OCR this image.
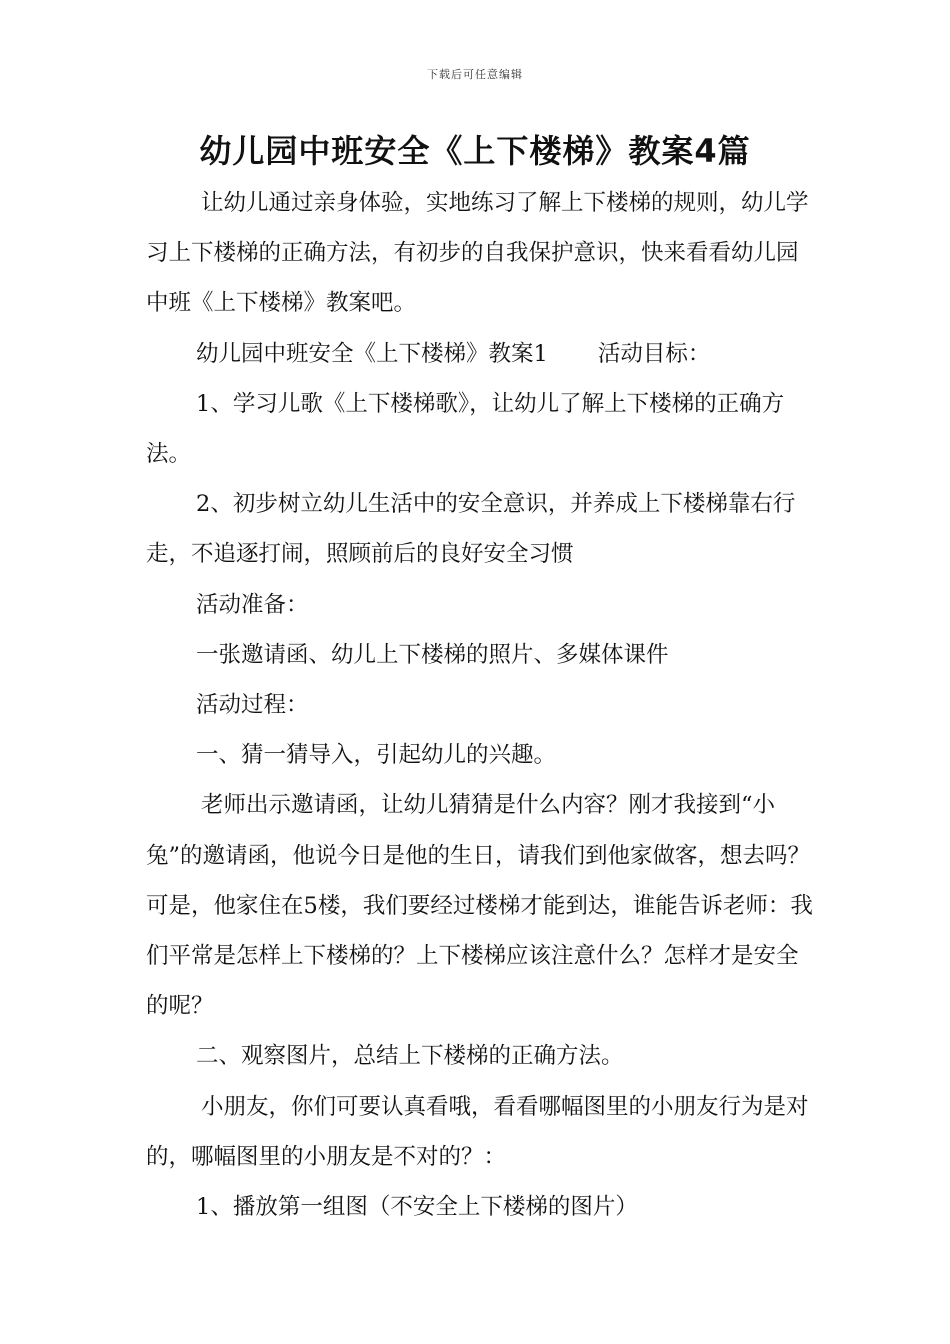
下载后可任意编辑
幼儿园中班安全《上下楼梯》教案4篇

让幼儿通过亲身体验，实地练习了解上下楼梯的规则，幼儿学习上下楼梯的正确方法，有初步的自我保护意识，快来看看幼儿园中班《上下楼梯》教案吧。

幼儿园中班安全《上下楼梯》教案1 活动目标：

1、学习儿歌《上下楼梯歌》，让幼儿了解上下楼梯的正确方法。

2、初步树立幼儿生活中的安全意识，并养成上下楼梯靠右行走，不追逐打闹，照顾前后的良好安全习惯

活动准备：

一张邀请函、幼儿上下楼梯的照片、多媒体课件

活动过程：

一、猜一猜导入，引起幼儿的兴趣。

老师出示邀请函，让幼儿猜猜是什么内容？刚才我接到“小兔”的邀请函，他说今日是他的生日，请我们到他家做客，想去吗？可是，他家住在5楼，我们要经过楼梯才能到达，谁能告诉老师：我们平常是怎样上下楼梯的？上下楼梯应该注意什么？怎样才是安全的呢？

二、观察图片，总结上下楼梯的正确方法。

小朋友，你们可要认真看哦，看看哪幅图里的小朋友行为是对的，哪幅图里的小朋友是不对的？：

1、播放第一组图（不安全上下楼梯的图片）
